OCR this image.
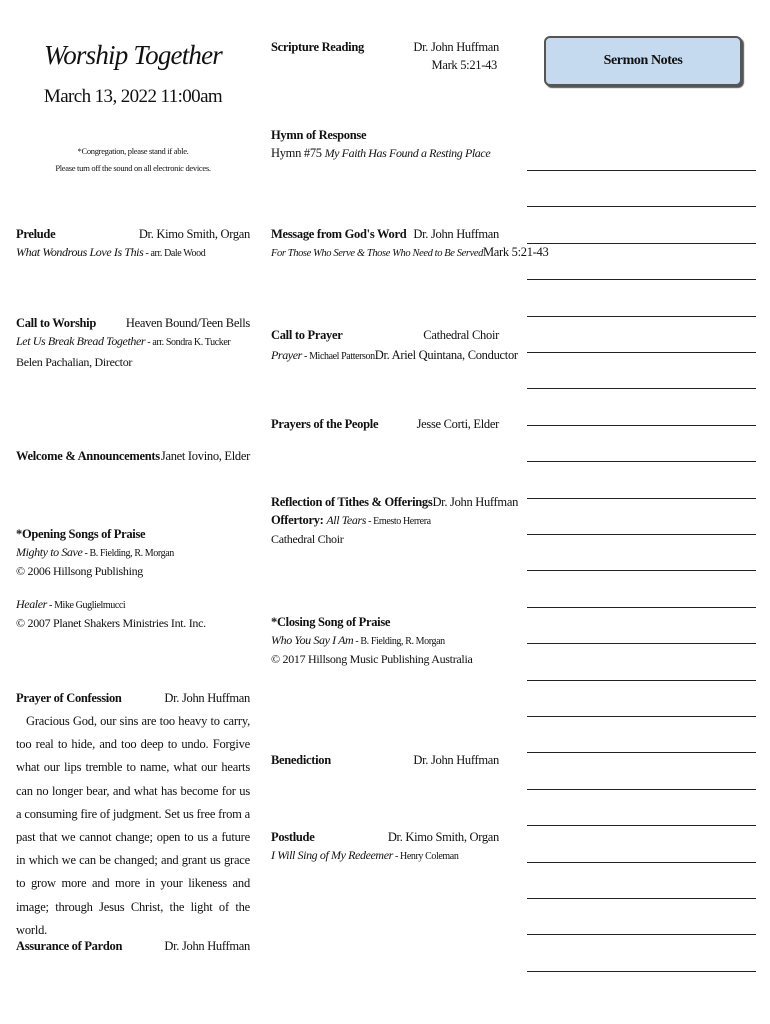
Worship Together
March 13, 2022 11:00am
*Congregation, please stand if able.
Please turn off the sound on all electronic devices.
Prelude	Dr. Kimo Smith, Organ
What Wondrous Love Is This - arr. Dale Wood
Call to Worship Heaven Bound/Teen Bells
Let Us Break Bread Together - arr. Sondra K. Tucker
Belen Pachalian, Director
Welcome & Announcements Janet Iovino, Elder
*Opening Songs of Praise
Mighty to Save - B. Fielding, R. Morgan
© 2006 Hillsong Publishing
Healer - Mike Guglielmucci
© 2007 Planet Shakers Ministries Int. Inc.
Prayer of Confession	Dr. John Huffman
Gracious God, our sins are too heavy to carry, too real to hide, and too deep to undo. Forgive what our lips tremble to name, what our hearts can no longer bear, and what has become for us a consuming fire of judgment. Set us free from a past that we cannot change; open to us a future in which we can be changed; and grant us grace to grow more and more in your likeness and image; through Jesus Christ, the light of the world.
Assurance of Pardon	Dr. John Huffman
Scripture Reading	Dr. John Huffman
Mark 5:21-43
Hymn of Response
Hymn #75 My Faith Has Found a Resting Place
Message from God's Word Dr. John Huffman
For Those Who Serve & Those Who Need to Be Served Mark 5:21-43
Call to Prayer	Cathedral Choir
Prayer - Michael Patterson Dr. Ariel Quintana, Conductor
Prayers of the People	Jesse Corti, Elder
Reflection of Tithes & Offerings Dr. John Huffman
Offertory: All Tears - Ernesto Herrera
Cathedral Choir
*Closing Song of Praise
Who You Say I Am - B. Fielding, R. Morgan
© 2017 Hillsong Music Publishing Australia
Benediction	Dr. John Huffman
Postlude	Dr. Kimo Smith, Organ
I Will Sing of My Redeemer - Henry Coleman
Sermon Notes
